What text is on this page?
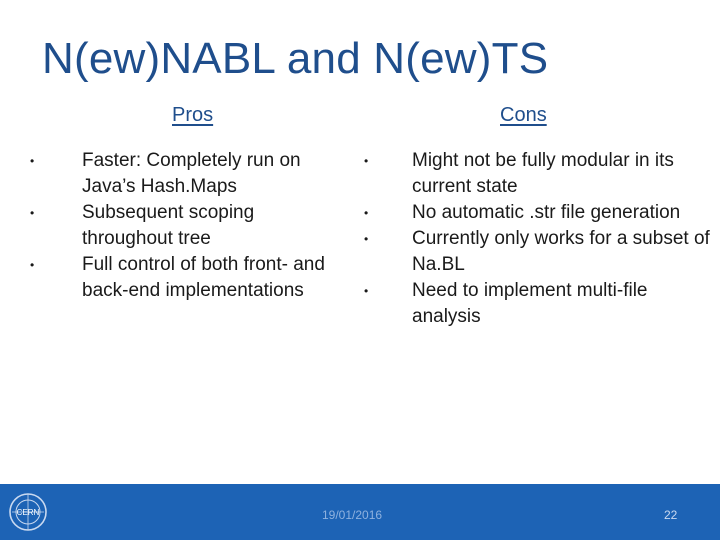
N(ew)NABL and N(ew)TS
Pros	Cons
•	Faster: Completely run on Java’s Hash.Maps
•	Subsequent scoping throughout tree
•	Full control of both front- and back-end implementations
• Might not be fully modular in its current state
• No automatic .str file generation
• Currently only works for a subset of Na.BL
• Need to implement multi-file analysis
CERN	19/01/2016	22
